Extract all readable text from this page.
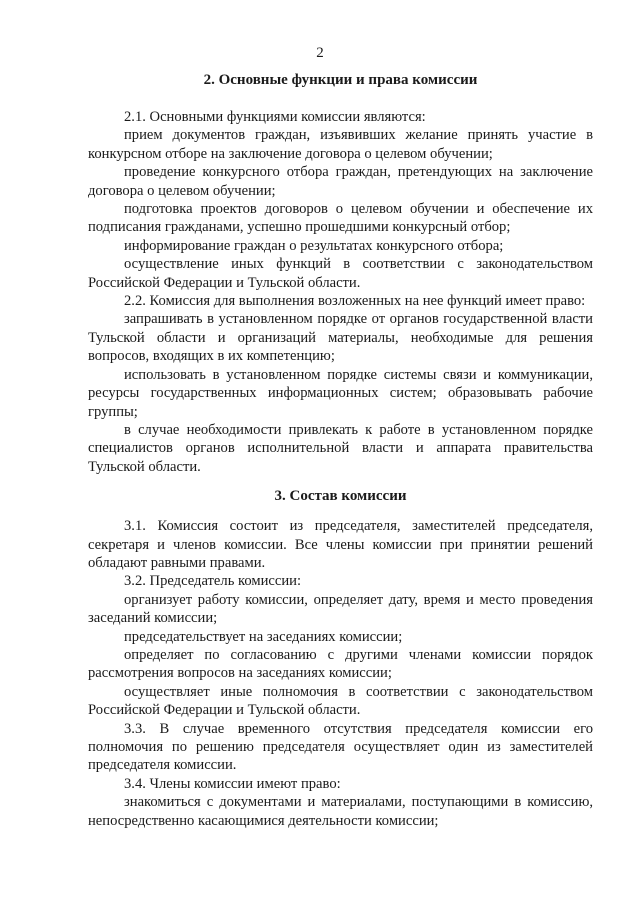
2
2. Основные функции и права комиссии

2.1. Основными функциями комиссии являются:

прием документов граждан, изъявивших желание принять участие в конкурсном отборе на заключение договора о целевом обучении;

проведение конкурсного отбора граждан, претендующих на заключение договора о целевом обучении;

подготовка проектов договоров о целевом обучении и обеспечение их подписания гражданами, успешно прошедшими конкурсный отбор;

информирование граждан о результатах конкурсного отбора;

осуществление иных функций в соответствии с законодательством Российской Федерации и Тульской области.

2.2. Комиссия для выполнения возложенных на нее функций имеет право:

запрашивать в установленном порядке от органов государственной власти Тульской области и организаций материалы, необходимые для решения вопросов, входящих в их компетенцию;

использовать в установленном порядке системы связи и коммуникации, ресурсы государственных информационных систем; образовывать рабочие группы;

в случае необходимости привлекать к работе в установленном порядке специалистов органов исполнительной власти и аппарата правительства Тульской области.

3. Состав комиссии

3.1. Комиссия состоит из председателя, заместителей председателя, секретаря и членов комиссии. Все члены комиссии при принятии решений обладают равными правами.

3.2. Председатель комиссии:

организует работу комиссии, определяет дату, время и место проведения заседаний комиссии;

председательствует на заседаниях комиссии;

определяет по согласованию с другими членами комиссии порядок рассмотрения вопросов на заседаниях комиссии;

осуществляет иные полномочия в соответствии с законодательством Российской Федерации и Тульской области.

3.3. В случае временного отсутствия председателя комиссии его полномочия по решению председателя осуществляет один из заместителей председателя комиссии.

3.4. Члены комиссии имеют право:

знакомиться с документами и материалами, поступающими в комиссию, непосредственно касающимися деятельности комиссии;
